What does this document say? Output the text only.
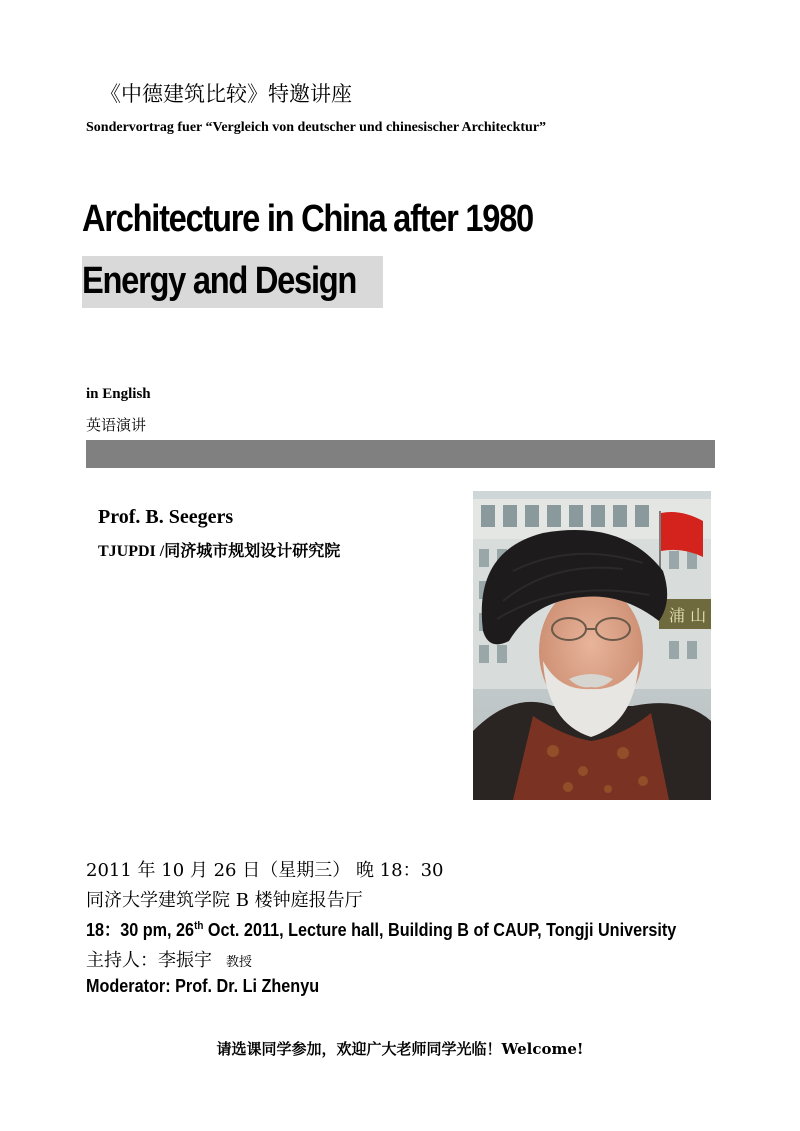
《中德建筑比较》特邀讲座
Sondervortrag fuer “Vergleich von deutscher und chinesischer Architecktur”
Architecture in China after 1980
Energy and Design
in English
英语演讲
Prof. B. Seegers
TJUPDI /同济城市规划设计研究院
浦 山
2011 年 10 月 26 日（星期三） 晚 18：30
同济大学建筑学院 B 楼钟庭报告厅
18：30 pm, 26th Oct. 2011, Lecture hall, Building B of CAUP, Tongji University
主持人：李振宇 教授
Moderator: Prof. Dr. Li Zhenyu
请选课同学参加，欢迎广大老师同学光临！Welcome!
